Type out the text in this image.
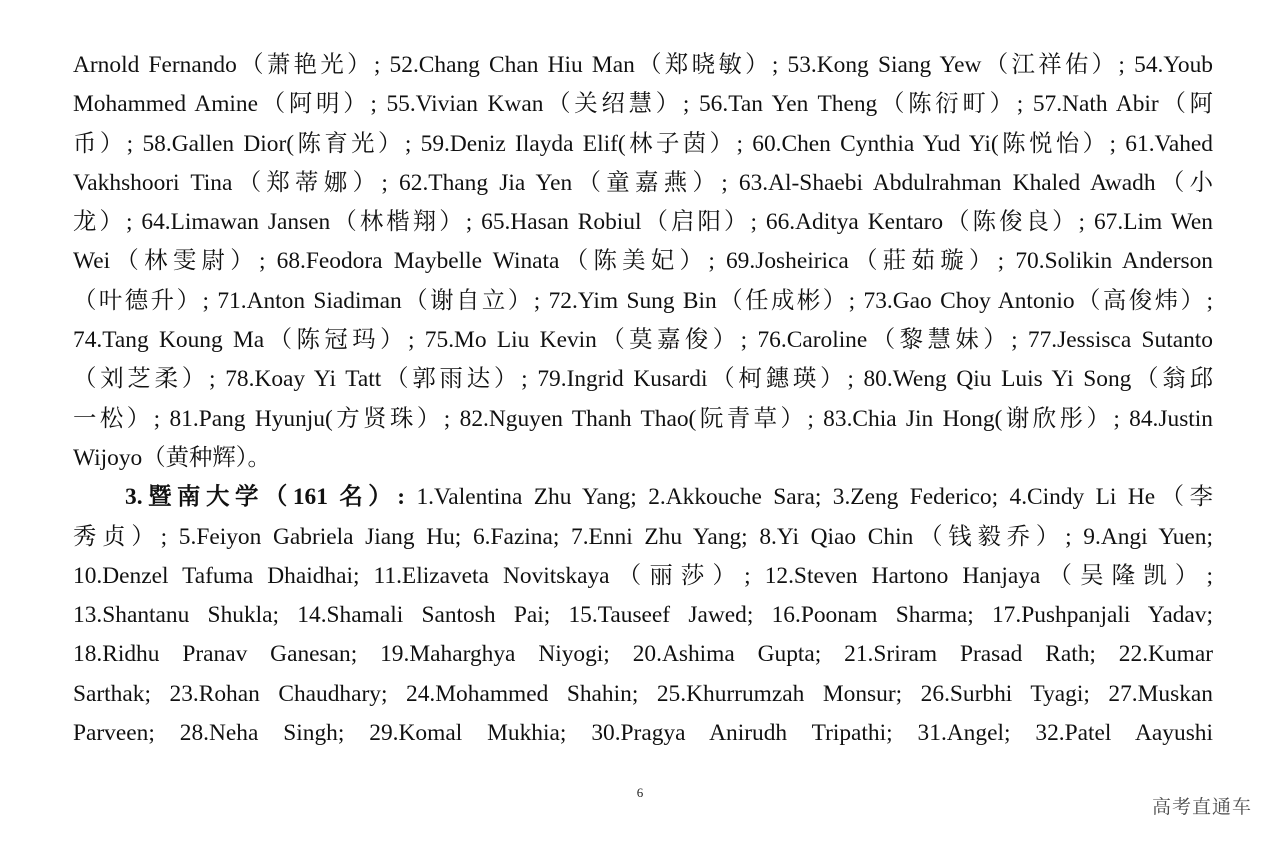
Arnold Fernando（萧艳光）; 52.Chang Chan Hiu Man（郑晓敏）; 53.Kong Siang Yew（江祥佑）; 54.Youb
Mohammed Amine（阿明）; 55.Vivian Kwan（关绍慧）; 56.Tan Yen Theng（陈衍町）; 57.Nath Abir（阿
币）; 58.Gallen Dior(陈育光）; 59.Deniz Ilayda Elif(林子茵）; 60.Chen Cynthia Yud Yi(陈悦怡）; 61.Vahed
Vakhshoori Tina（郑蒂娜）; 62.Thang Jia Yen（童嘉燕）; 63.Al-Shaebi Abdulrahman Khaled Awadh（小
龙）; 64.Limawan Jansen（林楷翔）; 65.Hasan Robiul（启阳）; 66.Aditya Kentaro（陈俊良）; 67.Lim Wen
Wei（林雯尉）; 68.Feodora Maybelle Winata（陈美妃）; 69.Josheirica（莊茹璇）; 70.Solikin Anderson
（叶德升）; 71.Anton Siadiman（谢自立）; 72.Yim Sung Bin（任成彬）; 73.Gao Choy Antonio（高俊炜）;
74.Tang Koung Ma（陈冠玛）; 75.Mo Liu Kevin（莫嘉俊）; 76.Caroline（黎慧妹）; 77.Jessisca Sutanto
（刘芝柔）; 78.Koay Yi Tatt（郭雨达）; 79.Ingrid Kusardi（柯鏸瑛）; 80.Weng Qiu Luis Yi Song（翁邱
一松）; 81.Pang Hyunju(方贤珠）; 82.Nguyen Thanh Thao(阮青草）; 83.Chia Jin Hong(谢欣彤）; 84.Justin
Wijoyo（黄种辉）。
3.暨南大学（161 名）: 1.Valentina Zhu Yang; 2.Akkouche Sara; 3.Zeng Federico; 4.Cindy Li He（李
秀贞）; 5.Feiyon Gabriela Jiang Hu; 6.Fazina; 7.Enni Zhu Yang; 8.Yi Qiao Chin（钱毅乔）; 9.Angi Yuen;
10.Denzel Tafuma Dhaidhai; 11.Elizaveta Novitskaya（丽莎）; 12.Steven Hartono Hanjaya（吴隆凯）;
13.Shantanu Shukla; 14.Shamali Santosh Pai; 15.Tauseef Jawed; 16.Poonam Sharma; 17.Pushpanjali Yadav;
18.Ridhu Pranav Ganesan; 19.Maharghya Niyogi; 20.Ashima Gupta; 21.Sriram Prasad Rath; 22.Kumar
Sarthak; 23.Rohan Chaudhary; 24.Mohammed Shahin; 25.Khurrumzah Monsur; 26.Surbhi Tyagi; 27.Muskan
Parveen; 28.Neha Singh; 29.Komal Mukhia; 30.Pragya Anirudh Tripathi; 31.Angel; 32.Patel Aayushi
6
高考直通车
